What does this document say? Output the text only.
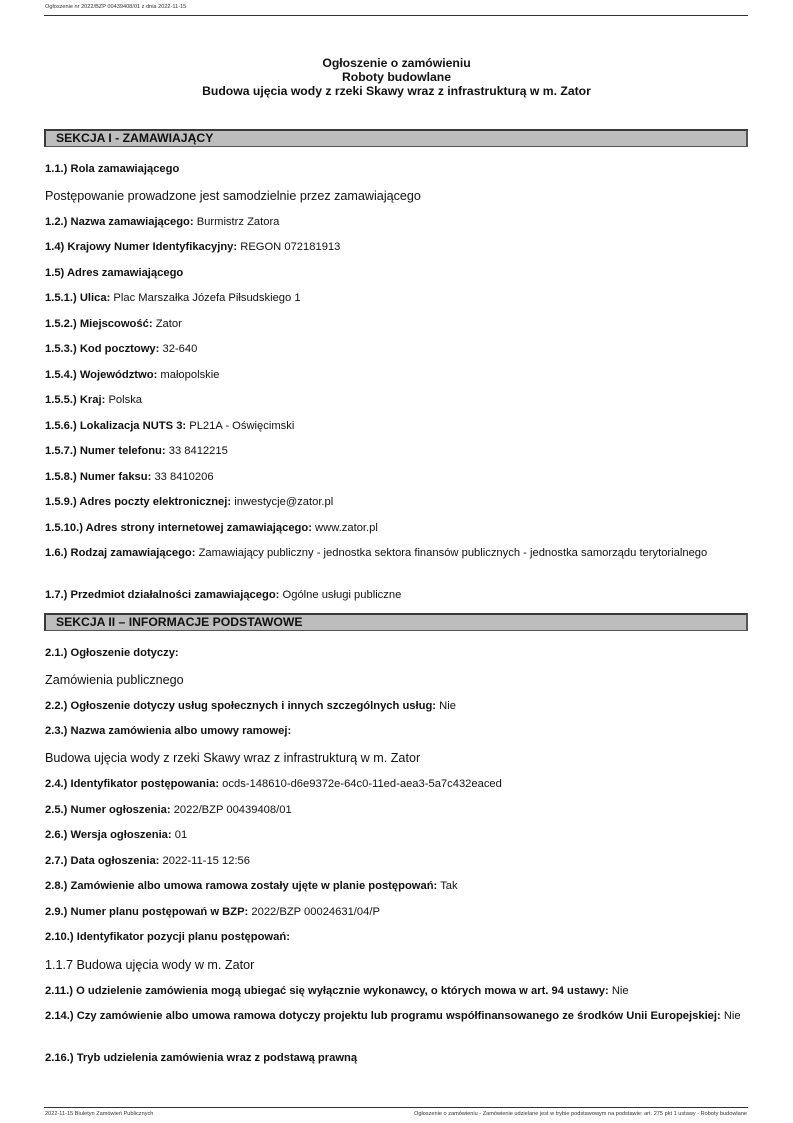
Ogłoszenie nr 2022/BZP 00439408/01 z dnia 2022-11-15
Ogłoszenie o zamówieniu
Roboty budowlane
Budowa ujęcia wody z rzeki Skawy wraz z infrastrukturą w m. Zator
SEKCJA I - ZAMAWIAJĄCY
1.1.) Rola zamawiającego
Postępowanie prowadzone jest samodzielnie przez zamawiającego
1.2.) Nazwa zamawiającego: Burmistrz Zatora
1.4) Krajowy Numer Identyfikacyjny: REGON 072181913
1.5) Adres zamawiającego
1.5.1.) Ulica: Plac Marszałka Józefa Piłsudskiego 1
1.5.2.) Miejscowość: Zator
1.5.3.) Kod pocztowy: 32-640
1.5.4.) Województwo: małopolskie
1.5.5.) Kraj: Polska
1.5.6.) Lokalizacja NUTS 3: PL21A - Oświęcimski
1.5.7.) Numer telefonu: 33 8412215
1.5.8.) Numer faksu: 33 8410206
1.5.9.) Adres poczty elektronicznej: inwestycje@zator.pl
1.5.10.) Adres strony internetowej zamawiającego: www.zator.pl
1.6.) Rodzaj zamawiającego: Zamawiający publiczny - jednostka sektora finansów publicznych - jednostka samorządu terytorialnego
1.7.) Przedmiot działalności zamawiającego: Ogólne usługi publiczne
SEKCJA II – INFORMACJE PODSTAWOWE
2.1.) Ogłoszenie dotyczy:
Zamówienia publicznego
2.2.) Ogłoszenie dotyczy usług społecznych i innych szczególnych usług: Nie
2.3.) Nazwa zamówienia albo umowy ramowej:
Budowa ujęcia wody z rzeki Skawy wraz z infrastrukturą w m. Zator
2.4.) Identyfikator postępowania: ocds-148610-d6e9372e-64c0-11ed-aea3-5a7c432eaced
2.5.) Numer ogłoszenia: 2022/BZP 00439408/01
2.6.) Wersja ogłoszenia: 01
2.7.) Data ogłoszenia: 2022-11-15 12:56
2.8.) Zamówienie albo umowa ramowa zostały ujęte w planie postępowań: Tak
2.9.) Numer planu postępowań w BZP: 2022/BZP 00024631/04/P
2.10.) Identyfikator pozycji planu postępowań:
1.1.7 Budowa ujęcia wody w m. Zator
2.11.) O udzielenie zamówienia mogą ubiegać się wyłącznie wykonawcy, o których mowa w art. 94 ustawy: Nie
2.14.) Czy zamówienie albo umowa ramowa dotyczy projektu lub programu współfinansowanego ze środków Unii Europejskiej: Nie
2.16.) Tryb udzielenia zamówienia wraz z podstawą prawną
2022-11-15 Biuletyn Zamówień Publicznych	Ogłoszenie o zamówieniu - Zamówienie udzielane jest w trybie podstawowym na podstawie: art. 275 pkt 1 ustawy - Roboty budowlane
